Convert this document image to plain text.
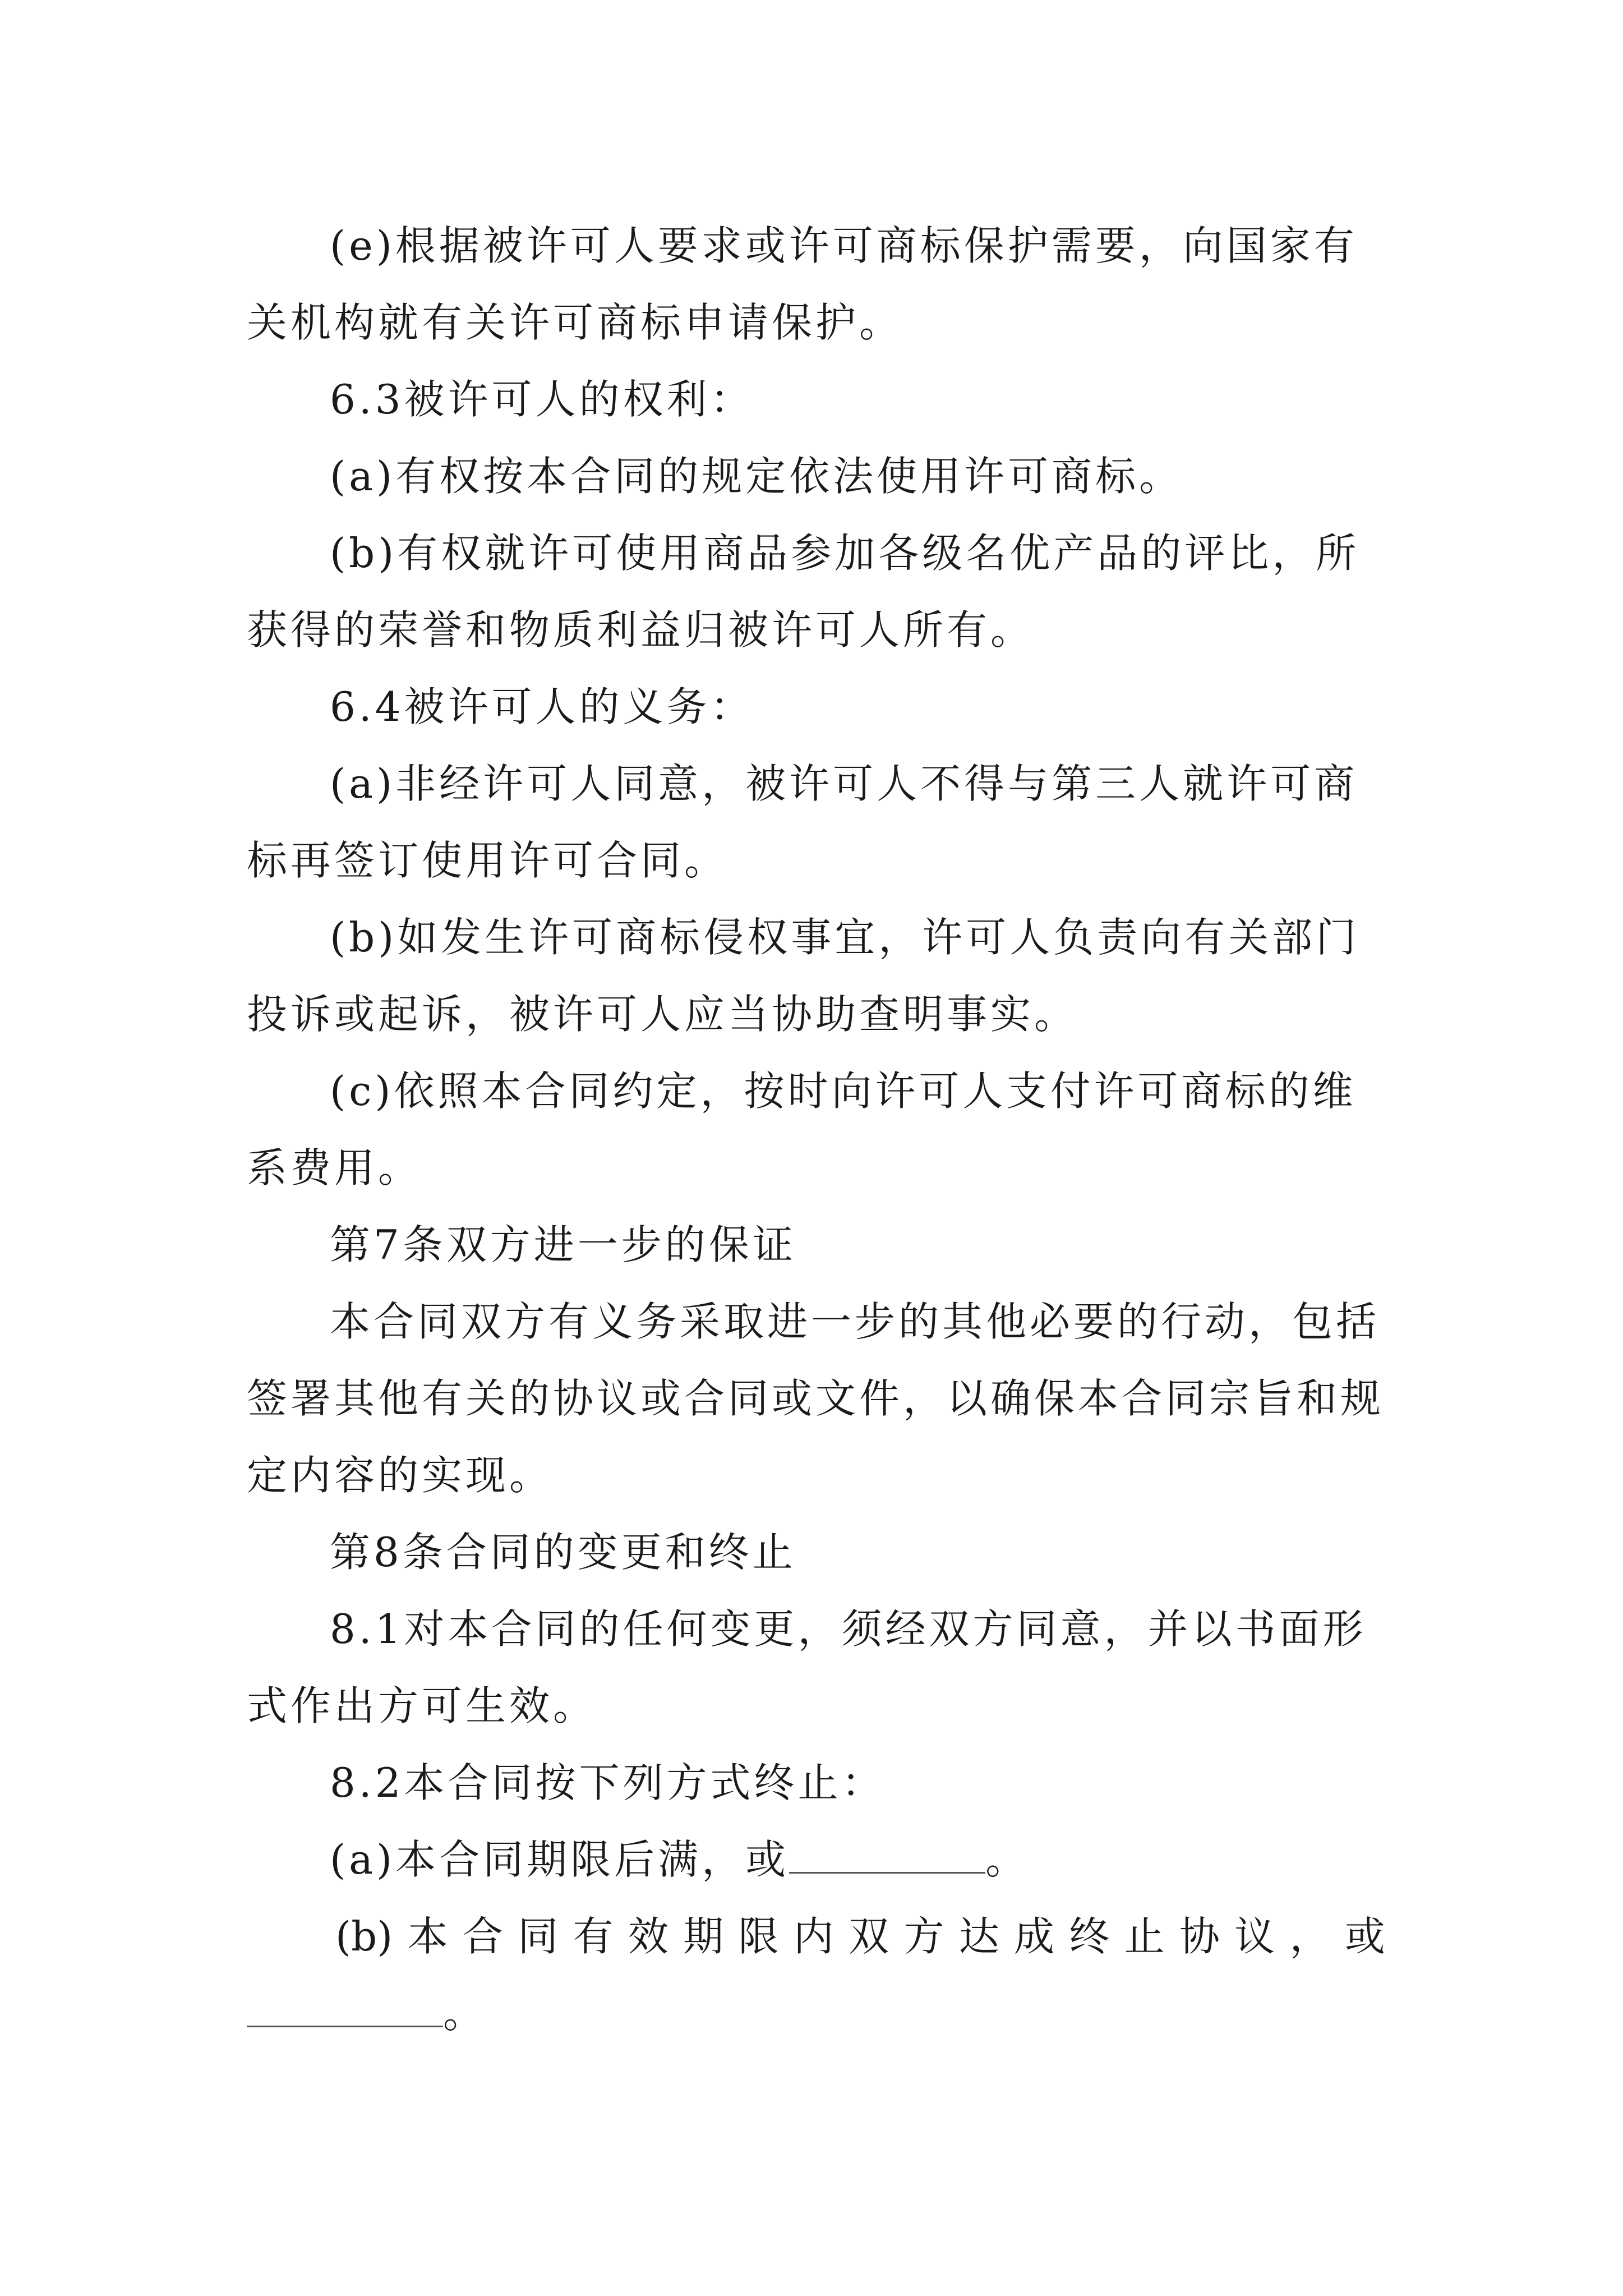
(e)根据被许可人要求或许可商标保护需要，向国家有
关机构就有关许可商标申请保护。
6.3被许可人的权利：
(a)有权按本合同的规定依法使用许可商标。
(b)有权就许可使用商品参加各级名优产品的评比，所
获得的荣誉和物质利益归被许可人所有。
6.4被许可人的义务：
(a)非经许可人同意，被许可人不得与第三人就许可商
标再签订使用许可合同。
(b)如发生许可商标侵权事宜，许可人负责向有关部门
投诉或起诉，被许可人应当协助查明事实。
(c)依照本合同约定，按时向许可人支付许可商标的维
系费用。
第7条双方进一步的保证
本合同双方有义务采取进一步的其他必要的行动，包括
签署其他有关的协议或合同或文件，以确保本合同宗旨和规
定内容的实现。
第8条合同的变更和终止
8.1对本合同的任何变更，须经双方同意，并以书面形
式作出方可生效。
8.2本合同按下列方式终止：
(a)本合同期限后满，或	。
(b) 本 合 同 有 效 期 限 内 双 方 达 成 终 止 协 议 ， 或
。
